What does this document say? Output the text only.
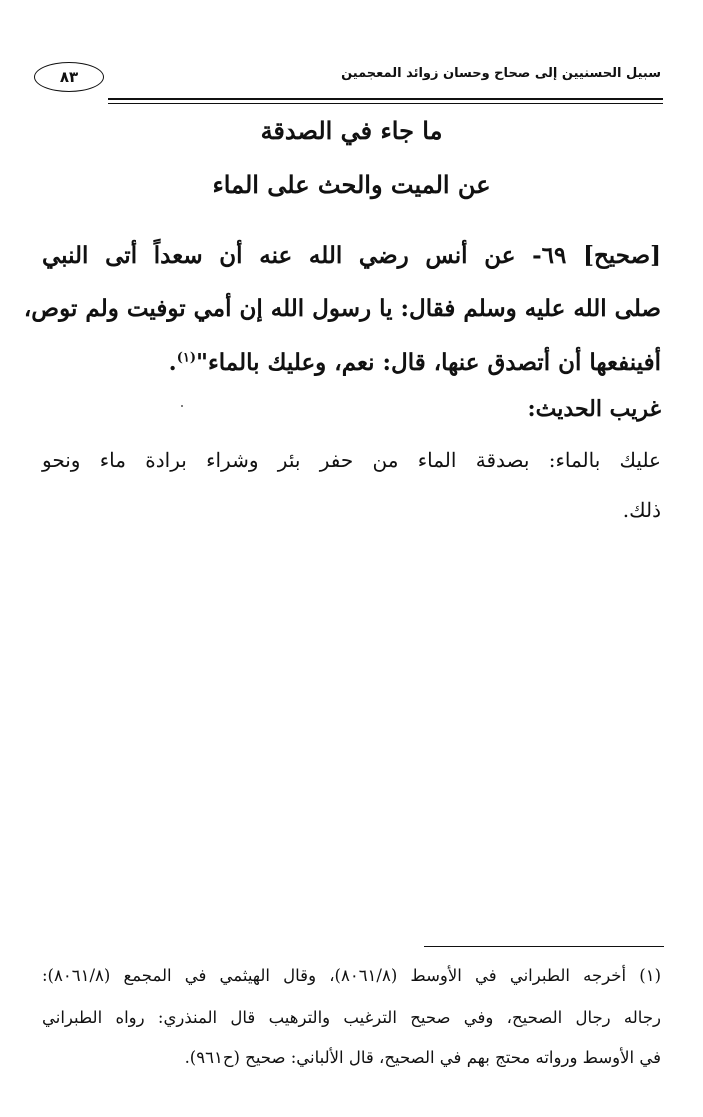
سبيل الحسنيين إلى صحاح وحسان زوائد المعجمين
٨٣
ما جاء في الصدقة
عن الميت والحث على الماء
[صحيح] ٦٩- عن أنس رضي الله عنه أن سعداً أتى النبي
صلى الله عليه وسلم فقال: يا رسول الله إن أمي توفيت ولم توص،
أفينفعها أن أتصدق عنها، قال: نعم، وعليك بالماء"$^{(١)}$.
غريب الحديث:
عليك بالماء: بصدقة الماء من حفر بئر وشراء برادة ماء ونحو
ذلك.
(١) أخرجه الطبراني في الأوسط (٨٠٦١/٨)، وقال الهيثمي في المجمع (٨٠٦١/٨):
رجاله رجال الصحيح، وفي صحيح الترغيب والترهيب قال المنذري: رواه الطبراني
في الأوسط ورواته محتج بهم في الصحيح، قال الألباني: صحيح (ح٩٦١).
